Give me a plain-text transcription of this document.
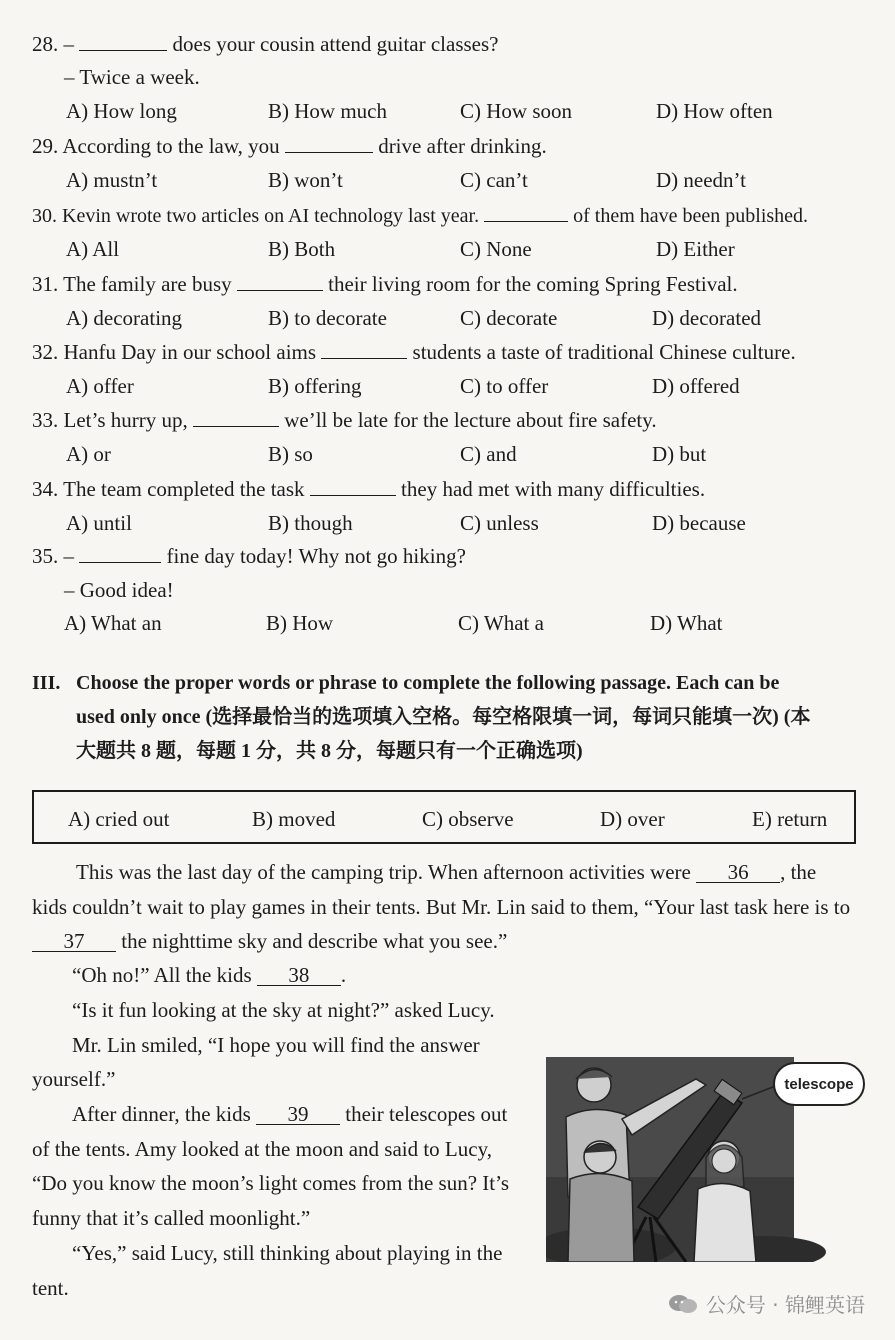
28. –	does your cousin attend guitar classes?
– Twice a week.
A) How long	B) How much	C) How soon	D) How often
29. According to the law, you	drive after drinking.
A) mustn’t	B) won’t	C) can’t	D) needn’t
30. Kevin wrote two articles on AI technology last year.	of them have been published.
A) All	B) Both	C) None	D) Either
31. The family are busy	their living room for the coming Spring Festival.
A) decorating	B) to decorate	C) decorate	D) decorated
32. Hanfu Day in our school aims	students a taste of traditional Chinese culture.
A) offer	B) offering	C) to offer	D) offered
33. Let’s hurry up,	we’ll be late for the lecture about fire safety.
A) or	B) so	C) and	D) but
34. The team completed the task	they had met with many difficulties.
A) until	B) though	C) unless	D) because
35. –	fine day today! Why not go hiking?
– Good idea!
A) What an	B) How	C) What a	D) What
III. Choose the proper words or phrase to complete the following passage. Each can be
used only once (选择最恰当的选项填入空格。每空格限填一词，每词只能填一次) (本
大题共 8 题，每题 1 分，共 8 分，每题只有一个正确选项)
A) cried out	B) moved	C) observe	D) over	E) return
This was the last day of the camping trip. When afternoon activities were 36 , the
kids couldn’t wait to play games in their tents. But Mr. Lin said to them, “Your last task here is to
37 the nighttime sky and describe what you see.”
“Oh no!” All the kids 38 .
“Is it fun looking at the sky at night?” asked Lucy.
Mr. Lin smiled, “I hope you will find the answer
yourself.”
After dinner, the kids 39 their telescopes out
of the tents. Amy looked at the moon and said to Lucy,
“Do you know the moon’s light comes from the sun? It’s
funny that it’s called moonlight.”
“Yes,” said Lucy, still thinking about playing in the
tent.
telescope
公众号 · 锦鲤英语
